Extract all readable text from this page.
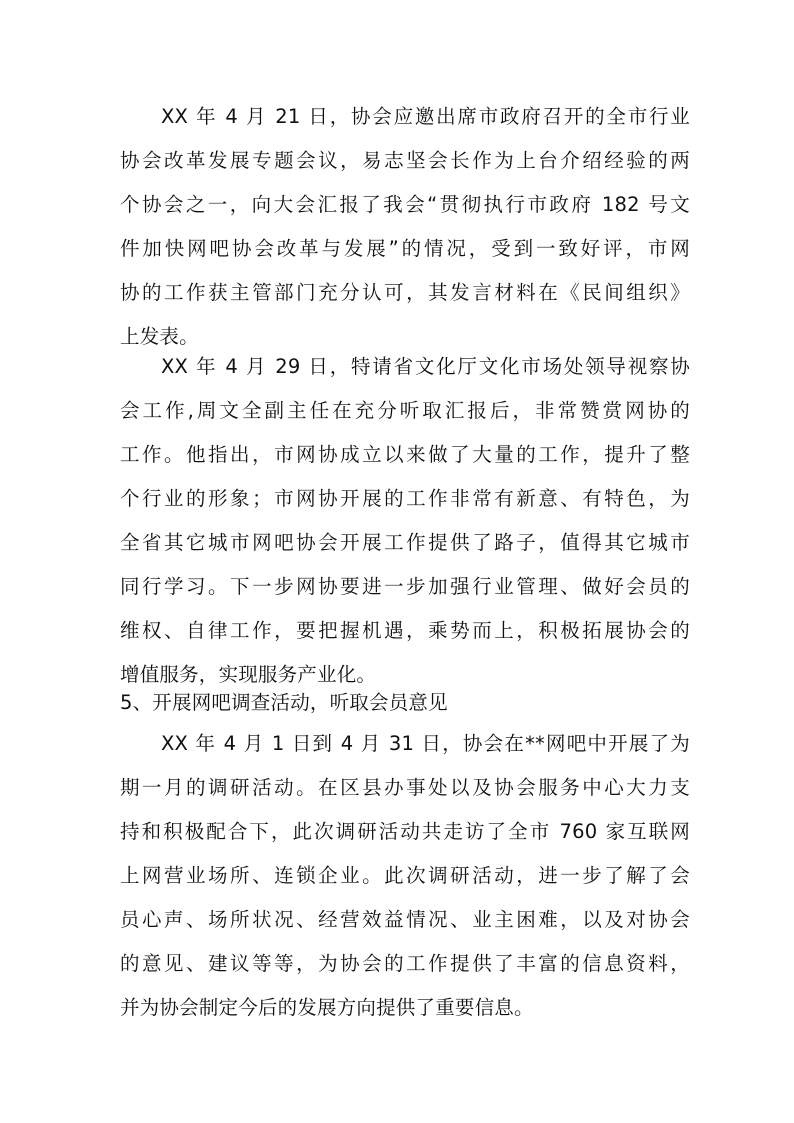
XX 年 4 月 21 日，协会应邀出席市政府召开的全市行业
协会改革发展专题会议，易志坚会长作为上台介绍经验的两
个协会之一，向大会汇报了我会“贯彻执行市政府 182 号文
件加快网吧协会改革与发展”的情况，受到一致好评，市网
协的工作获主管部门充分认可，其发言材料在《民间组织》
上发表。
XX 年 4 月 29 日，特请省文化厅文化市场处领导视察协
会工作,周文全副主任在充分听取汇报后，非常赞赏网协的
工作。他指出，市网协成立以来做了大量的工作，提升了整
个行业的形象；市网协开展的工作非常有新意、有特色，为
全省其它城市网吧协会开展工作提供了路子，值得其它城市
同行学习。下一步网协要进一步加强行业管理、做好会员的
维权、自律工作，要把握机遇，乘势而上，积极拓展协会的
增值服务，实现服务产业化。
5、开展网吧调查活动，听取会员意见
XX 年 4 月 1 日到 4 月 31 日，协会在**网吧中开展了为
期一月的调研活动。在区县办事处以及协会服务中心大力支
持和积极配合下，此次调研活动共走访了全市 760 家互联网
上网营业场所、连锁企业。此次调研活动，进一步了解了会
员心声、场所状况、经营效益情况、业主困难，以及对协会
的意见、建议等等，为协会的工作提供了丰富的信息资料，
并为协会制定今后的发展方向提供了重要信息。
